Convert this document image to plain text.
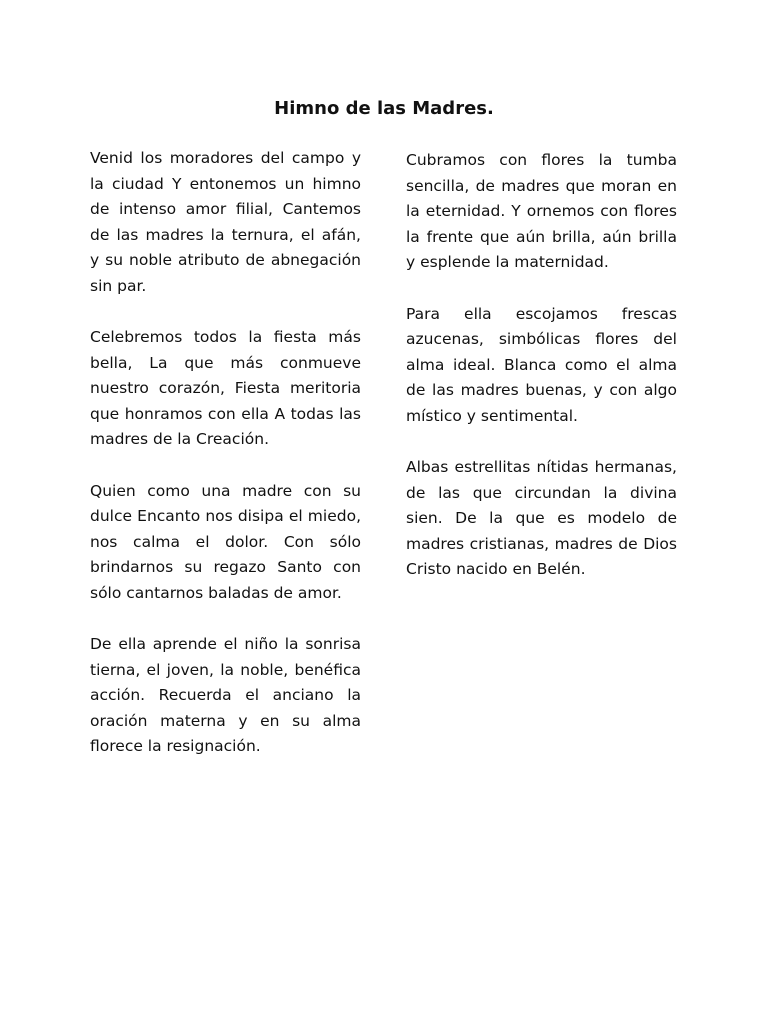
Himno de las Madres.

Venid los moradores del campo y la ciudad Y entonemos un himno de intenso amor filial, Cantemos de las madres la ternura, el afán, y su noble atributo de abnegación sin par.

Celebremos todos la fiesta más bella, La que más conmueve nuestro corazón, Fiesta meritoria que honramos con ella A todas las madres de la Creación.

Quien como una madre con su dulce Encanto nos disipa el miedo, nos calma el dolor. Con sólo brindarnos su regazo Santo con sólo cantarnos baladas de amor.

De ella aprende el niño la sonrisa tierna, el joven, la noble, benéfica acción. Recuerda el anciano la oración materna y en su alma florece la resignación.

Cubramos con flores la tumba sencilla, de madres que moran en la eternidad. Y ornemos con flores la frente que aún brilla, aún brilla y esplende la maternidad.

Para ella escojamos frescas azucenas, simbólicas flores del alma ideal. Blanca como el alma de las madres buenas, y con algo místico y sentimental.

Albas estrellitas nítidas hermanas, de las que circundan la divina sien. De la que es modelo de madres cristianas, madres de Dios Cristo nacido en Belén.
